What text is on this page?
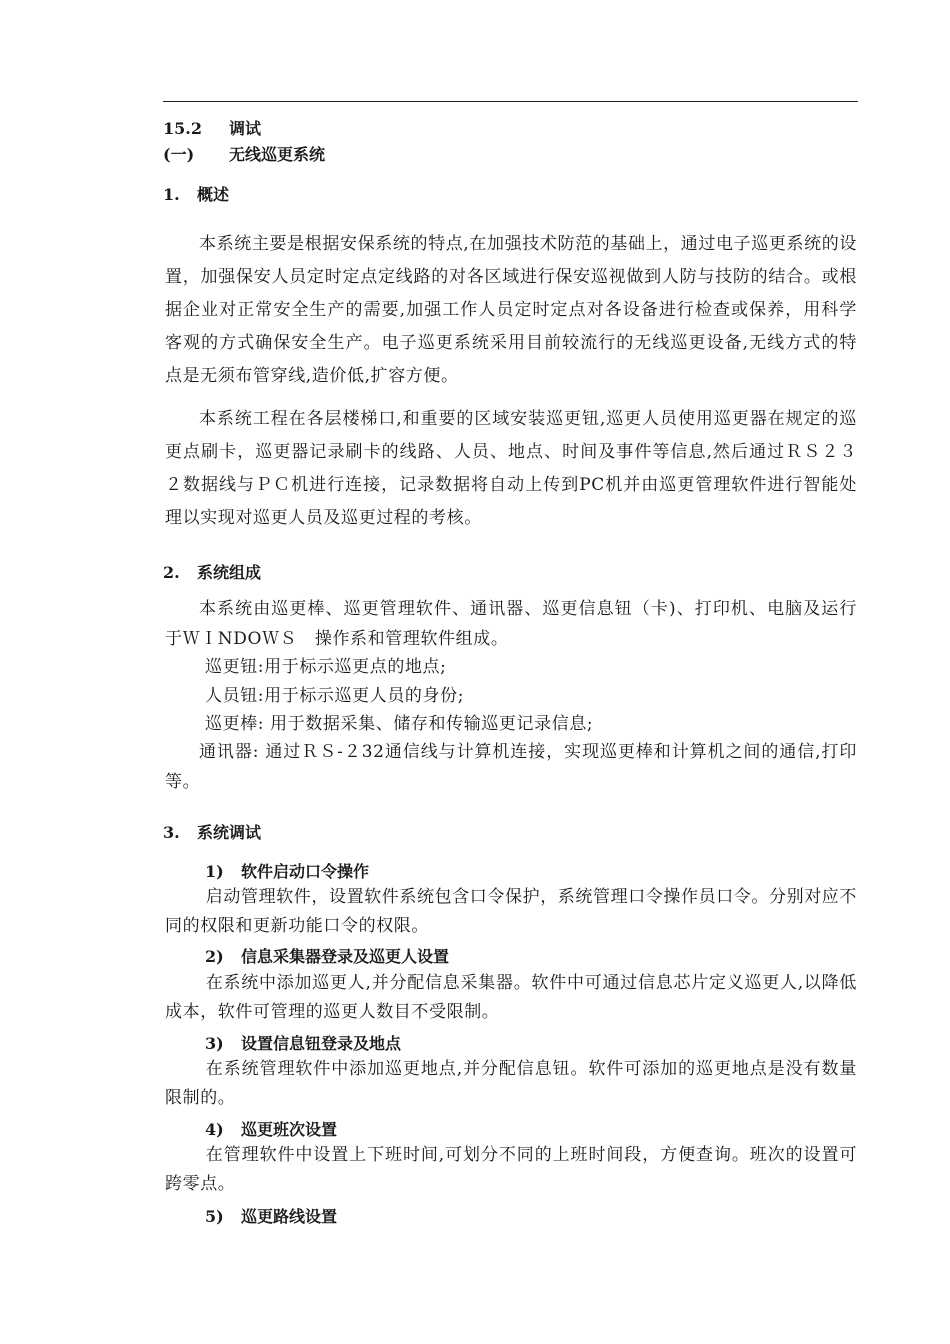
15.2 调试
(一) 无线巡更系统
1. 概述

本系统主要是根据安保系统的特点,在加强技术防范的基础上，通过电子巡更系统的设置，加强保安人员定时定点定线路的对各区域进行保安巡视做到人防与技防的结合。或根据企业对正常安全生产的需要,加强工作人员定时定点对各设备进行检查或保养，用科学客观的方式确保安全生产。电子巡更系统采用目前较流行的无线巡更设备,无线方式的特点是无须布管穿线,造价低,扩容方便。

本系统工程在各层楼梯口,和重要的区域安装巡更钮,巡更人员使用巡更器在规定的巡更点刷卡，巡更器记录刷卡的线路、人员、地点、时间及事件等信息,然后通过ＲＳ２３２数据线与ＰＣ机进行连接，记录数据将自动上传到PC机并由巡更管理软件进行智能处理以实现对巡更人员及巡更过程的考核。

2. 系统组成

本系统由巡更棒、巡更管理软件、通讯器、巡更信息钮（卡)、打印机、电脑及运行于ＷＩNDOＷＳ　操作系和管理软件组成。

巡更钮:用于标示巡更点的地点;
人员钮:用于标示巡更人员的身份;
巡更棒: 用于数据采集、储存和传输巡更记录信息;

通讯器: 通过ＲＳ-２32通信线与计算机连接，实现巡更棒和计算机之间的通信,打印等。

3. 系统调试
1) 软件启动口令操作

启动管理软件，设置软件系统包含口令保护，系统管理口令操作员口令。分别对应不同的权限和更新功能口令的权限。

2) 信息采集器登录及巡更人设置

在系统中添加巡更人,并分配信息采集器。软件中可通过信息芯片定义巡更人,以降低成本，软件可管理的巡更人数目不受限制。

3) 设置信息钮登录及地点

在系统管理软件中添加巡更地点,并分配信息钮。软件可添加的巡更地点是没有数量限制的。

4) 巡更班次设置

在管理软件中设置上下班时间,可划分不同的上班时间段，方便查询。班次的设置可跨零点。

5) 巡更路线设置
